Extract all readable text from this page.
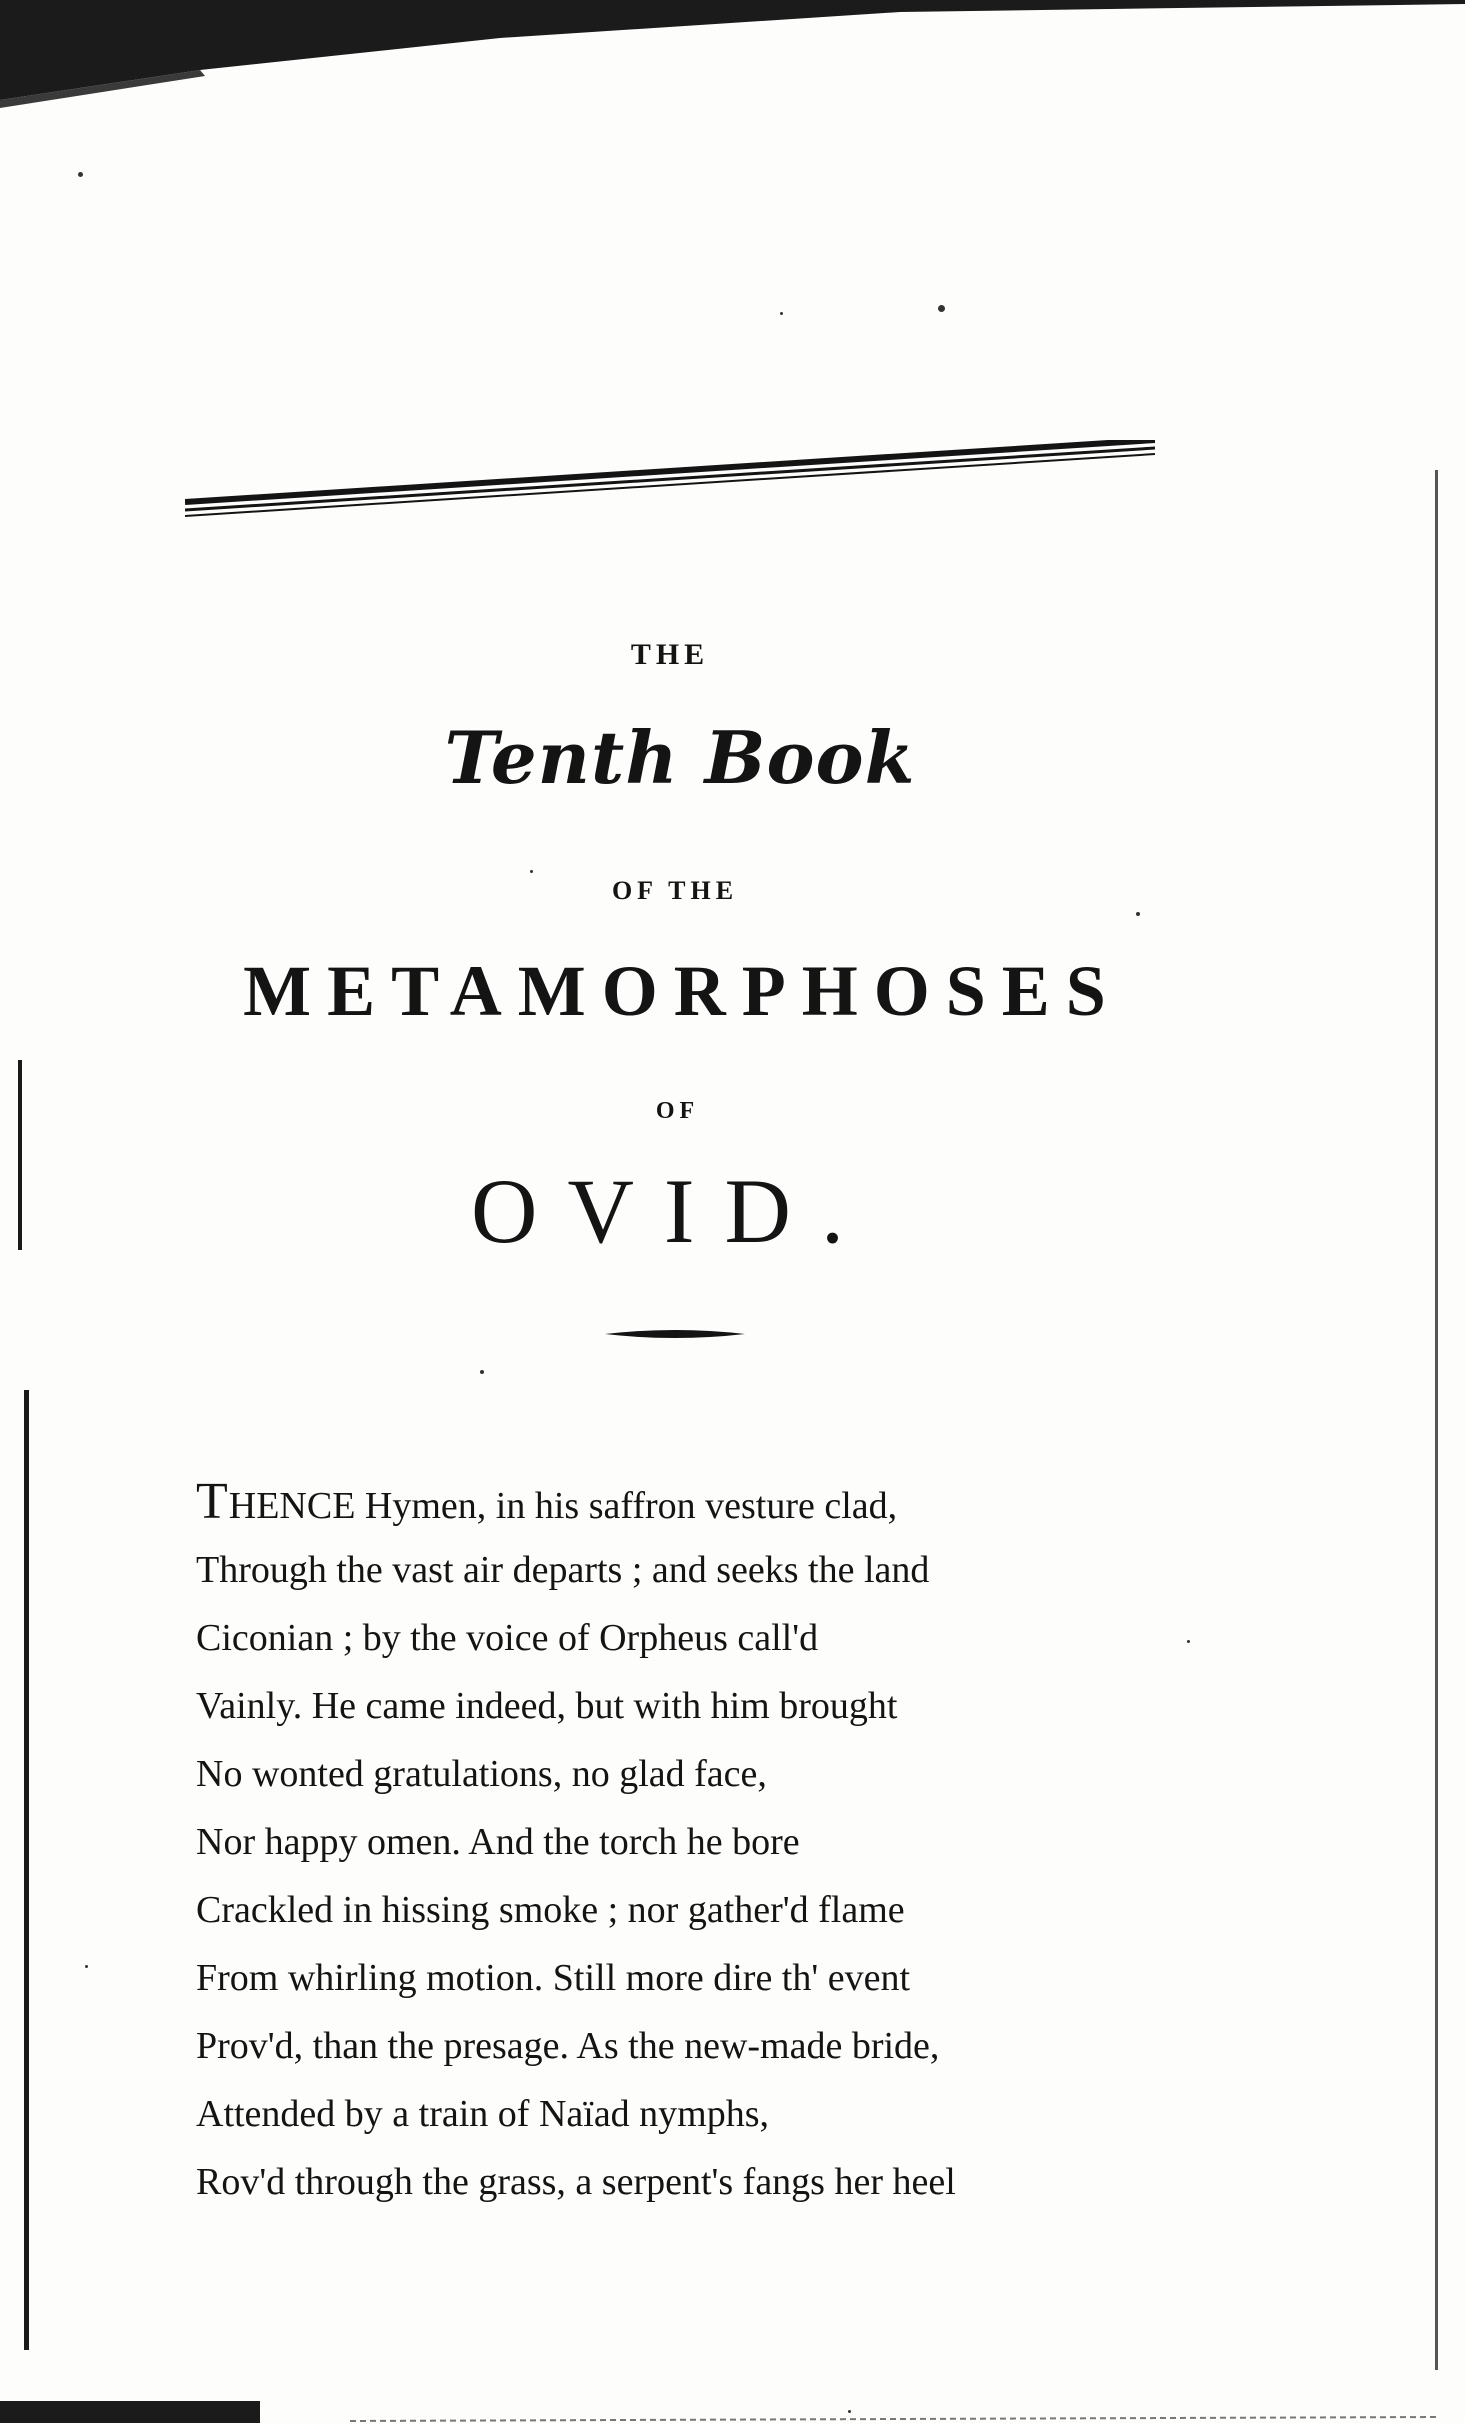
THE
Tenth Book
OF THE
METAMORPHOSES
OF
OVID.
THENCE Hymen, in his saffron vesture clad,
Through the vast air departs ; and seeks the land
Ciconian ; by the voice of Orpheus call'd
Vainly. He came indeed, but with him brought
No wonted gratulations, no glad face,
Nor happy omen. And the torch he bore
Crackled in hissing smoke ; nor gather'd flame
From whirling motion. Still more dire th' event
Prov'd, than the presage. As the new-made bride,
Attended by a train of Naïad nymphs,
Rov'd through the grass, a serpent's fangs her heel
